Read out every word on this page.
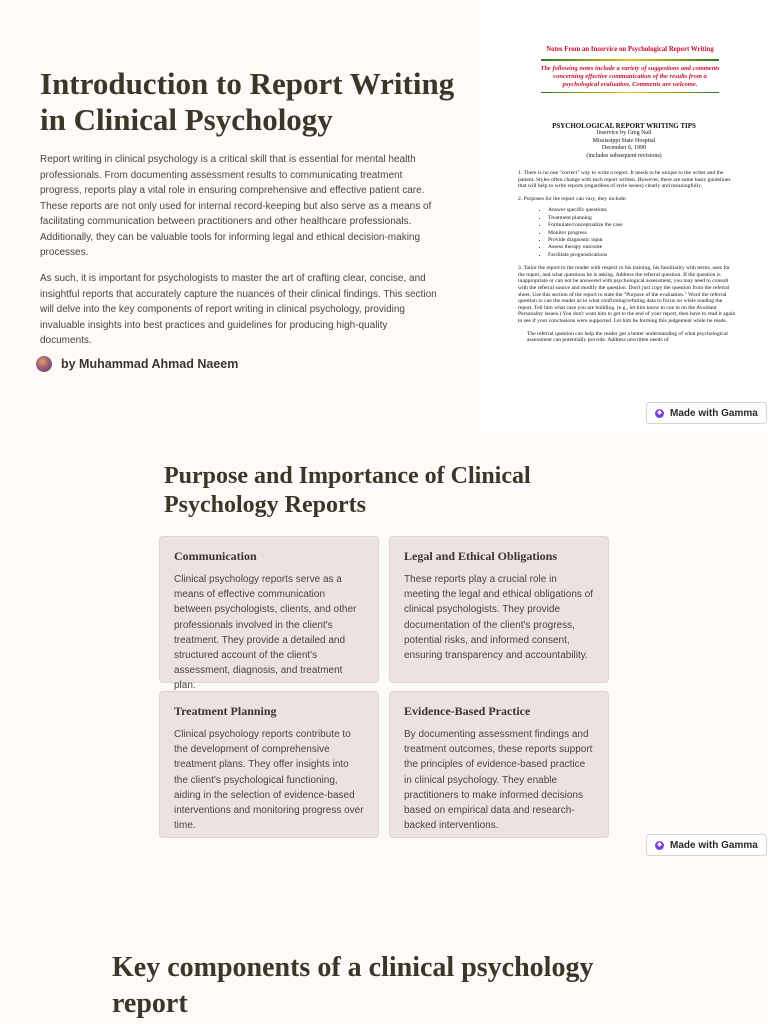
Introduction to Report Writing in Clinical Psychology

Report writing in clinical psychology is a critical skill that is essential for mental health professionals. From documenting assessment results to communicating treatment progress, reports play a vital role in ensuring comprehensive and effective patient care. These reports are not only used for internal record-keeping but also serve as a means of facilitating communication between practitioners and other healthcare professionals. Additionally, they can be valuable tools for informing legal and ethical decision-making processes.

As such, it is important for psychologists to master the art of crafting clear, concise, and insightful reports that accurately capture the nuances of their clinical findings. This section will delve into the key components of report writing in clinical psychology, providing invaluable insights into best practices and guidelines for producing high-quality documents.

by Muhammad Ahmad Naeem
Notes From an Inservice on Psychological Report Writing
The following notes include a variety of suggestions and comments concerning effective communication of the results from a psychological evaluation. Comments are welcome.
PSYCHOLOGICAL REPORT WRITING TIPS
Inservice by Greg Nail
Mississippi State Hospital
December 6, 1990
(includes subsequent revisions)

1. There is no one "correct" way to write a report. It needs to be unique to the writer and the patient. Styles often change with each report written. However, there are some basic guidelines that will help to write reports (regardless of style issues) clearly and meaningfully.

2. Purposes for the report can vary, they include:

• Answer specific questions
• Treatment planning
• Formulate/conceptualize the case
• Monitor progress
• Provide diagnostic input
• Assess therapy outcome
• Facilitate prognostications

3. Tailor the report to the reader with respect to his training, his familiarity with terms, uses for the report, and what questions he is asking. Address the referral question. If the question is inappropriate or can not be answered with psychological assessment, you may need to consult with the referral source and modify the question. Don't just copy the question from the referral sheet. Use this section of the report to state the "Purpose of the evaluation." Word the referral question to cue the reader as to what confirming/refuting data to focus on while reading the report. Tell him what case you are building. (e.g., let him know to cue in on the Avoidant Personality issues.) You don't want him to get to the end of your report, then have to read it again to see if your conclusions were supported. Let him be forming this judgement while he reads.

The referral question can help the reader get a better understanding of what psychological assessment can potentially provide. Address unwritten needs of

◆ Made with Gamma
Purpose and Importance of Clinical Psychology Reports
Communication

Clinical psychology reports serve as a means of effective communication between psychologists, clients, and other professionals involved in the client's treatment. They provide a detailed and structured account of the client's assessment, diagnosis, and treatment plan.

Legal and Ethical Obligations

These reports play a crucial role in meeting the legal and ethical obligations of clinical psychologists. They provide documentation of the client's progress, potential risks, and informed consent, ensuring transparency and accountability.

Treatment Planning

Clinical psychology reports contribute to the development of comprehensive treatment plans. They offer insights into the client's psychological functioning, aiding in the selection of evidence-based interventions and monitoring progress over time.

Evidence-Based Practice

By documenting assessment findings and treatment outcomes, these reports support the principles of evidence-based practice in clinical psychology. They enable practitioners to make informed decisions based on empirical data and research-backed interventions.

◆ Made with Gamma
Key components of a clinical psychology report
